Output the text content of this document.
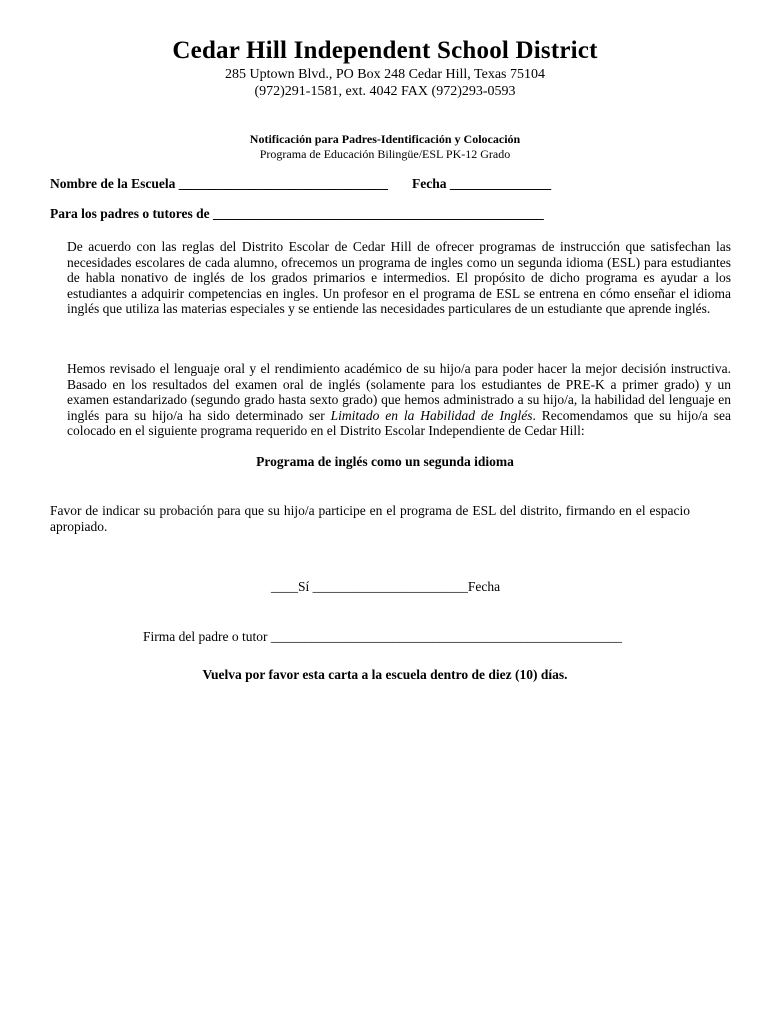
Cedar Hill Independent School District
285 Uptown Blvd., PO Box 248 Cedar Hill, Texas 75104
(972)291-1581, ext. 4042 FAX (972)293-0593
Notificación para Padres-Identificación y Colocación
Programa de Educación Bilingüe/ESL PK-12 Grado
Nombre de la Escuela _______________________________ Fecha _______________
Para los padres o tutores de _________________________________________________
De acuerdo con las reglas del Distrito Escolar de Cedar Hill de ofrecer programas de instrucción que satisfechan las necesidades escolares de cada alumno, ofrecemos un programa de ingles como un segunda idioma (ESL) para estudiantes de habla nonativo de inglés de los grados primarios e intermedios. El propósito de dicho programa es ayudar a los estudiantes a adquirir competencias en ingles. Un profesor en el programa de ESL se entrena en cómo enseñar el idioma inglés que utiliza las materias especiales y se entiende las necesidades particulares de un estudiante que aprende inglés.
Hemos revisado el lenguaje oral y el rendimiento académico de su hijo/a para poder hacer la mejor decisión instructiva. Basado en los resultados del examen oral de inglés (solamente para los estudiantes de PRE-K a primer grado) y un examen estandarizado (segundo grado hasta sexto grado) que hemos administrado a su hijo/a, la habilidad del lenguaje en inglés para su hijo/a ha sido determinado ser Limitado en la Habilidad de Inglés. Recomendamos que su hijo/a sea colocado en el siguiente programa requerido en el Distrito Escolar Independiente de Cedar Hill:
Programa de inglés como un segunda idioma
Favor de indicar su probación para que su hijo/a participe en el programa de ESL del distrito, firmando en el espacio apropiado.
____Sí _______________________Fecha
Firma del padre o tutor ____________________________________________________
Vuelva por favor esta carta a la escuela dentro de diez (10) días.
